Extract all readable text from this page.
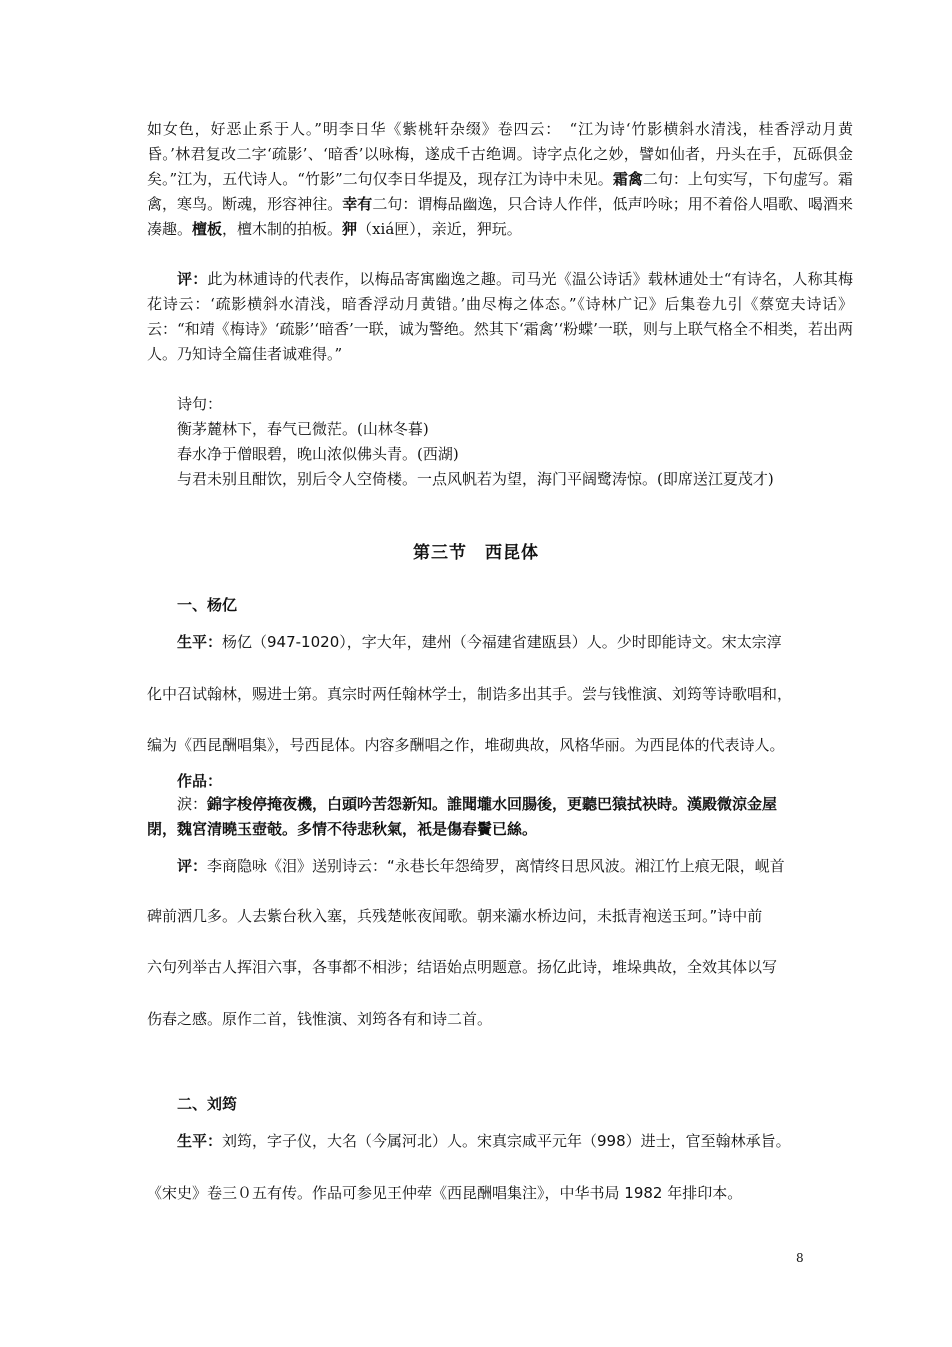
如女色，好恶止系于人。”明李日华《紫桃轩杂缀》卷四云：　“江为诗‘竹影横斜水清浅，桂香浮动月黄昏。’林君复改二字‘疏影’、‘暗香’以咏梅，遂成千古绝调。诗字点化之妙，譬如仙者，丹头在手，瓦砾俱金矣。”江为，五代诗人。“竹影”二句仅李日华提及，现存江为诗中未见。霜禽二句：上句实写，下句虚写。霜禽，寒鸟。断魂，形容神往。幸有二句：谓梅品幽逸，只合诗人作伴，低声吟咏；用不着俗人唱歌、喝酒来凑趣。檀板，檀木制的拍板。狎（xiá匣），亲近，狎玩。

评：此为林逋诗的代表作，以梅品寄寓幽逸之趣。司马光《温公诗话》载林逋处士“有诗名，人称其梅花诗云：‘疏影横斜水清浅，暗香浮动月黄错。’曲尽梅之体态。”《诗林广记》后集卷九引《蔡宽夫诗话》云：“和靖《梅诗》‘疏影’‘暗香’一联，诚为警绝。然其下‘霜禽’‘粉蝶’一联，则与上联气格全不相类，若出两人。乃知诗全篇佳者诚难得。”

诗句：

衡茅麓林下，春气已微茫。(山林冬暮)

春水净于僧眼碧，晚山浓似佛头青。(西湖)

与君未别且酣饮，别后令人空倚楼。一点风帆若为望，海门平阔鹭涛惊。(即席送江夏茂才)

第三节　西昆体
一、杨亿

生平：杨亿（947-1020），字大年，建州（今福建省建瓯县）人。少时即能诗文。宋太宗淳

化中召试翰林，赐进士第。真宗时两任翰林学士，制诰多出其手。尝与钱惟演、刘筠等诗歌唱和，

编为《西昆酬唱集》，号西昆体。内容多酬唱之作，堆砌典故，风格华丽。为西昆体的代表诗人。

作品：

淚：錦字梭停掩夜機，白頭吟苦怨新知。誰聞壠水回腸後，更聽巴猿拭袂時。漢殿微涼金屋

閉，魏宮清曉玉壺攲。多情不待悲秋氣，衹是傷春鬢已絲。

评：李商隐咏《泪》送别诗云：“永巷长年怨绮罗，离情终日思风波。湘江竹上痕无限，岘首

碑前洒几多。人去紫台秋入塞，兵残楚帐夜闻歌。朝来灞水桥边问，未抵青袍送玉珂。”诗中前

六句列举古人挥泪六事，各事都不相涉；结语始点明题意。扬亿此诗，堆垛典故，全效其体以写

伤春之感。原作二首，钱惟演、刘筠各有和诗二首。

二、刘筠

生平：刘筠，字子仪，大名（今属河北）人。宋真宗咸平元年（998）进士，官至翰林承旨。

《宋史》卷三０五有传。作品可参见王仲荦《西昆酬唱集注》，中华书局 1982 年排印本。

8
